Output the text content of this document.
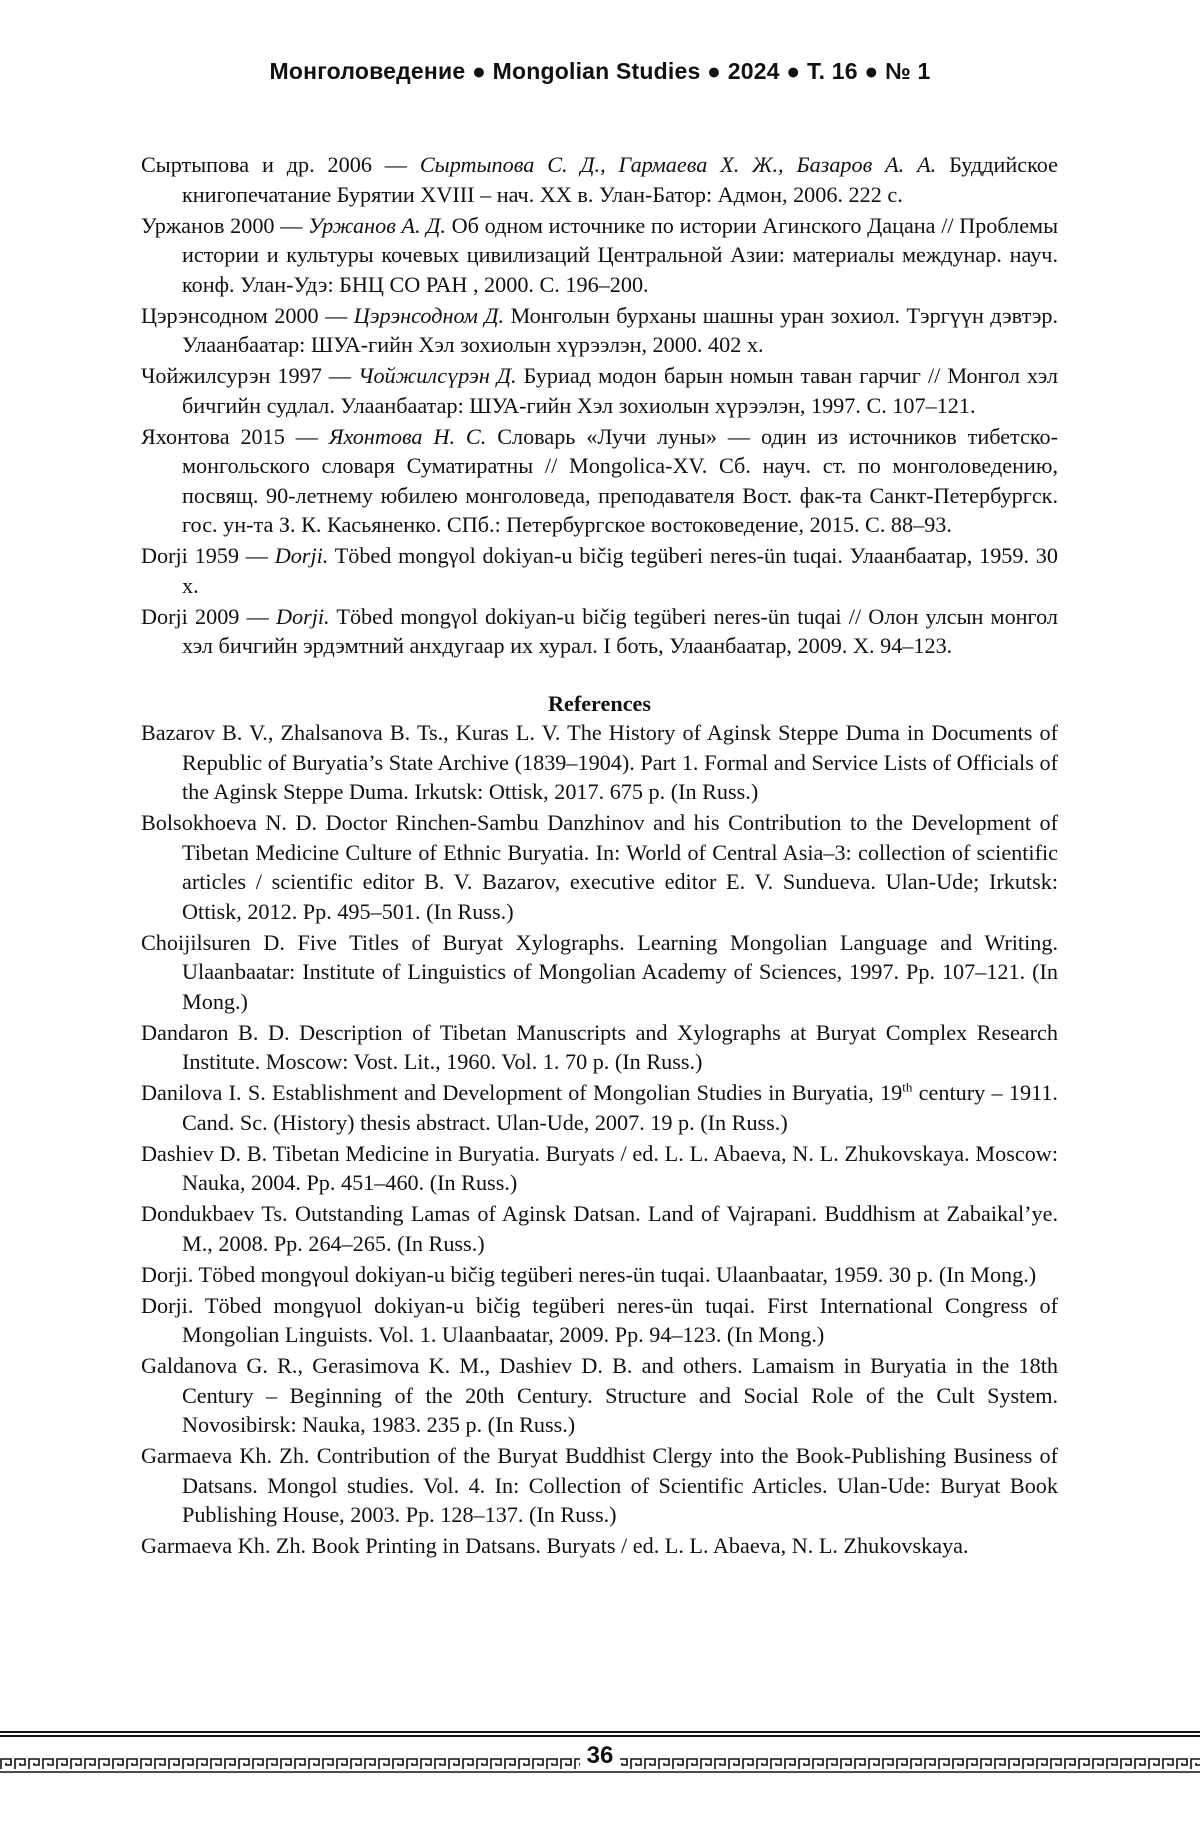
Монголоведение ● Mongolian Studies ● 2024 ● Т. 16 ● № 1

Сыртыпова и др. 2006 — Сыртыпова С. Д., Гармаева Х. Ж., Базаров А. А. Буддийское книгопечатание Бурятии XVIII – нач. XX в. Улан-Батор: Адмон, 2006. 222 с.

Уржанов 2000 — Уржанов А. Д. Об одном источнике по истории Агинского Дацана // Проблемы истории и культуры кочевых цивилизаций Центральной Азии: материалы междунар. науч. конф. Улан-Удэ: БНЦ СО РАН , 2000. С. 196–200.

Цэрэнсодном 2000 — Цэрэнсодном Д. Монголын бурханы шашны уран зохиол. Тэргүүн дэвтэр. Улаанбаатар: ШУА-гийн Хэл зохиолын хүрээлэн, 2000. 402 х.

Чойжилсурэн 1997 — Чойжилсүрэн Д. Буриад модон барын номын таван гарчиг // Монгол хэл бичгийн судлал. Улаанбаатар: ШУА-гийн Хэл зохиолын хүрээлэн, 1997. С. 107–121.

Яхонтова 2015 — Яхонтова Н. С. Словарь «Лучи луны» — один из источников тибетско-монгольского словаря Суматиратны // Mongolica-XV. Сб. науч. ст. по монголоведению, посвящ. 90-летнему юбилею монголоведа, преподавателя Вост. фак-та Санкт-Петербургск. гос. ун-та З. К. Касьяненко. СПб.: Петербургское востоковедение, 2015. С. 88–93.

Dorji 1959 — Dorji. Töbed mongγol dokiyan-u bičig tegüberi neres-ün tuqai. Улаанбаатар, 1959. 30 х.

Dorji 2009 — Dorji. Töbed mongγol dokiyan-u bičig tegüberi neres-ün tuqai // Олон улсын монгол хэл бичгийн эрдэмтний анхдугаар их хурал. I боть, Улаанбаатар, 2009. Х. 94–123.

References

Bazarov B. V., Zhalsanova B. Ts., Kuras L. V. The History of Aginsk Steppe Duma in Documents of Republic of Buryatia’s State Archive (1839–1904). Part 1. Formal and Service Lists of Officials of the Aginsk Steppe Duma. Irkutsk: Ottisk, 2017. 675 p. (In Russ.)

Bolsokhoeva N. D. Doctor Rinchen-Sambu Danzhinov and his Contribution to the Development of Tibetan Medicine Culture of Ethnic Buryatia. In: World of Central Asia–3: collection of scientific articles / scientific editor B. V. Bazarov, executive editor E. V. Sundueva. Ulan-Ude; Irkutsk: Ottisk, 2012. Pp. 495–501. (In Russ.)

Choijilsuren D. Five Titles of Buryat Xylographs. Learning Mongolian Language and Writing. Ulaanbaatar: Institute of Linguistics of Mongolian Academy of Sciences, 1997. Pp. 107–121. (In Mong.)

Dandaron B. D. Description of Tibetan Manuscripts and Xylographs at Buryat Complex Research Institute. Moscow: Vost. Lit., 1960. Vol. 1. 70 p. (In Russ.)

Danilova I. S. Establishment and Development of Mongolian Studies in Buryatia, 19th century – 1911. Cand. Sc. (History) thesis abstract. Ulan-Ude, 2007. 19 p. (In Russ.)

Dashiev D. B. Tibetan Medicine in Buryatia. Buryats / ed. L. L. Abaeva, N. L. Zhukovskaya. Moscow: Nauka, 2004. Pp. 451–460. (In Russ.)

Dondukbaev Ts. Outstanding Lamas of Aginsk Datsan. Land of Vajrapani. Buddhism at Zabaikal’ye. M., 2008. Pp. 264–265. (In Russ.)

Dorji. Töbed mongγoul dokiyan-u bičig tegüberi neres-ün tuqai. Ulaanbaatar, 1959. 30 p. (In Mong.)

Dorji. Töbed mongγuol dokiyan-u bičig tegüberi neres-ün tuqai. First International Congress of Mongolian Linguists. Vol. 1. Ulaanbaatar, 2009. Pp. 94–123. (In Mong.)

Galdanova G. R., Gerasimova K. M., Dashiev D. B. and others. Lamaism in Buryatia in the 18th Century – Beginning of the 20th Century. Structure and Social Role of the Cult System. Novosibirsk: Nauka, 1983. 235 p. (In Russ.)

Garmaeva Kh. Zh. Contribution of the Buryat Buddhist Clergy into the Book-Publishing Business of Datsans. Mongol studies. Vol. 4. In: Collection of Scientific Articles. Ulan-Ude: Buryat Book Publishing House, 2003. Pp. 128–137. (In Russ.)

Garmaeva Kh. Zh. Book Printing in Datsans. Buryats / ed. L. L. Abaeva, N. L. Zhukovskaya.

36
